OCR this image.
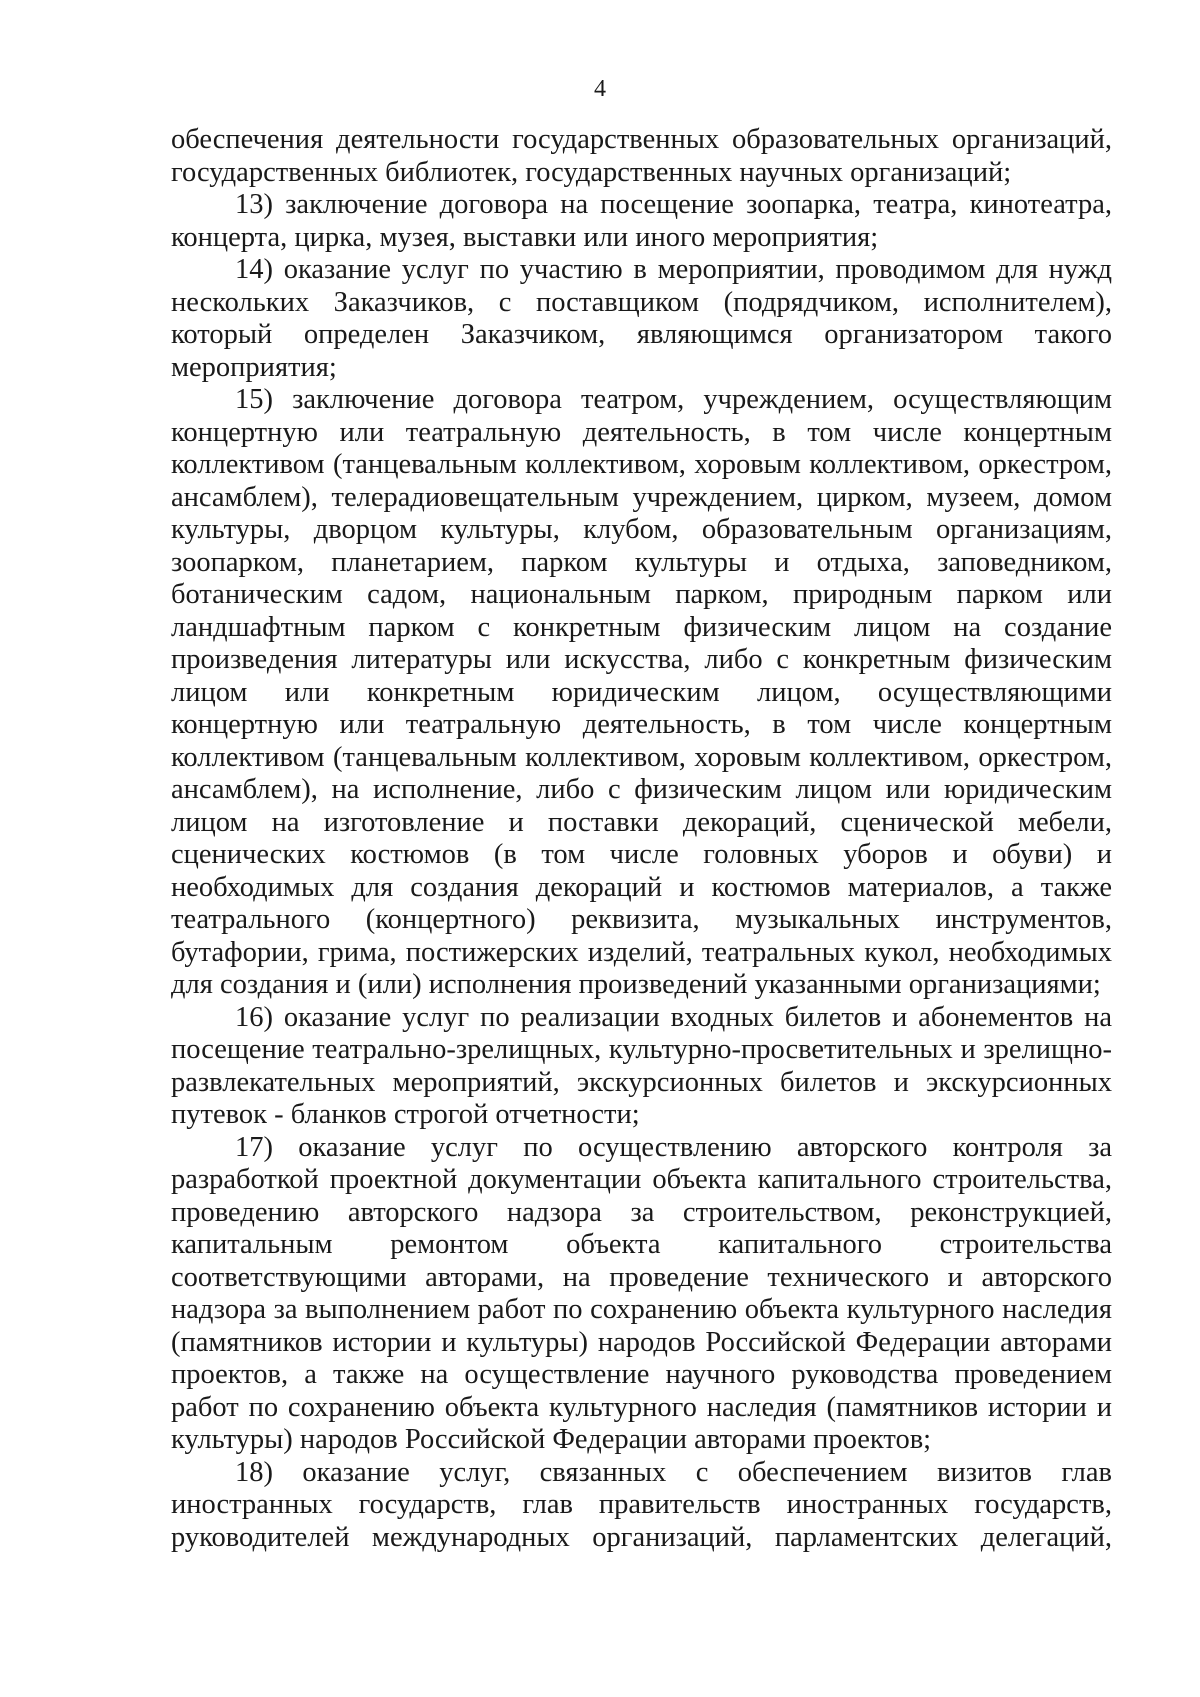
4

обеспечения деятельности государственных образовательных организаций, государственных библиотек, государственных научных организаций;

13) заключение договора на посещение зоопарка, театра, кинотеатра, концерта, цирка, музея, выставки или иного мероприятия;

14) оказание услуг по участию в мероприятии, проводимом для нужд нескольких Заказчиков, с поставщиком (подрядчиком, исполнителем), который определен Заказчиком, являющимся организатором такого мероприятия;

15) заключение договора театром, учреждением, осуществляющим концертную или театральную деятельность, в том числе концертным коллективом (танцевальным коллективом, хоровым коллективом, оркестром, ансамблем), телерадиовещательным учреждением, цирком, музеем, домом культуры, дворцом культуры, клубом, образовательным организациям, зоопарком, планетарием, парком культуры и отдыха, заповедником, ботаническим садом, национальным парком, природным парком или ландшафтным парком с конкретным физическим лицом на создание произведения литературы или искусства, либо с конкретным физическим лицом или конкретным юридическим лицом, осуществляющими концертную или театральную деятельность, в том числе концертным коллективом (танцевальным коллективом, хоровым коллективом, оркестром, ансамблем), на исполнение, либо с физическим лицом или юридическим лицом на изготовление и поставки декораций, сценической мебели, сценических костюмов (в том числе головных уборов и обуви) и необходимых для создания декораций и костюмов материалов, а также театрального (концертного) реквизита, музыкальных инструментов, бутафории, грима, постижерских изделий, театральных кукол, необходимых для создания и (или) исполнения произведений указанными организациями;

16) оказание услуг по реализации входных билетов и абонементов на посещение театрально-зрелищных, культурно-просветительных и зрелищно-развлекательных мероприятий, экскурсионных билетов и экскурсионных путевок - бланков строгой отчетности;

17) оказание услуг по осуществлению авторского контроля за разработкой проектной документации объекта капитального строительства, проведению авторского надзора за строительством, реконструкцией, капитальным ремонтом объекта капитального строительства соответствующими авторами, на проведение технического и авторского надзора за выполнением работ по сохранению объекта культурного наследия (памятников истории и культуры) народов Российской Федерации авторами проектов, а также на осуществление научного руководства проведением работ по сохранению объекта культурного наследия (памятников истории и культуры) народов Российской Федерации авторами проектов;

18) оказание услуг, связанных с обеспечением визитов глав иностранных государств, глав правительств иностранных государств, руководителей международных организаций, парламентских делегаций,
